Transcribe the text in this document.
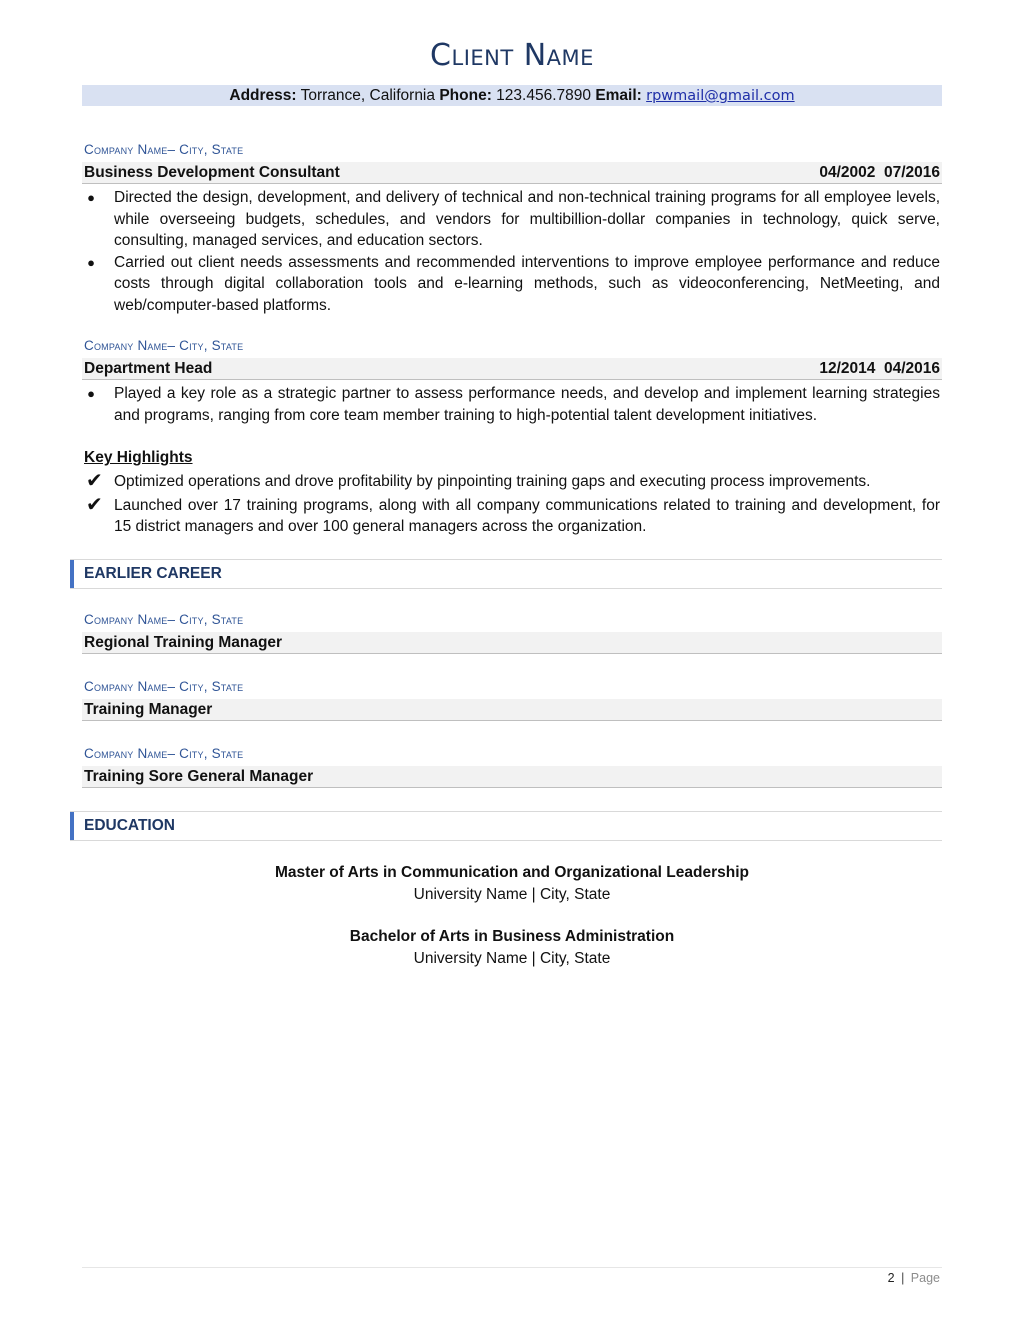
Client Name
Address: Torrance, California Phone: 123.456.7890 Email: rpwmail@gmail.com
Company Name– City, State
Business Development Consultant	04/2002  07/2016
● Directed the design, development, and delivery of technical and non-technical training programs for all employee levels, while overseeing budgets, schedules, and vendors for multibillion-dollar companies in technology, quick serve, consulting, managed services, and education sectors.
● Carried out client needs assessments and recommended interventions to improve employee performance and reduce costs through digital collaboration tools and e-learning methods, such as videoconferencing, NetMeeting, and web/computer-based platforms.
Company Name– City, State
Department Head	12/2014  04/2016
● Played a key role as a strategic partner to assess performance needs, and develop and implement learning strategies and programs, ranging from core team member training to high-potential talent development initiatives.
Key Highlights
✔ Optimized operations and drove profitability by pinpointing training gaps and executing process improvements.
✔ Launched over 17 training programs, along with all company communications related to training and development, for 15 district managers and over 100 general managers across the organization.
EARLIER CAREER
Company Name– City, State
Regional Training Manager
Company Name– City, State
Training Manager
Company Name– City, State
Training Sore General Manager
EDUCATION
Master of Arts in Communication and Organizational Leadership
University Name | City, State
Bachelor of Arts in Business Administration
University Name | City, State
2 | Page
